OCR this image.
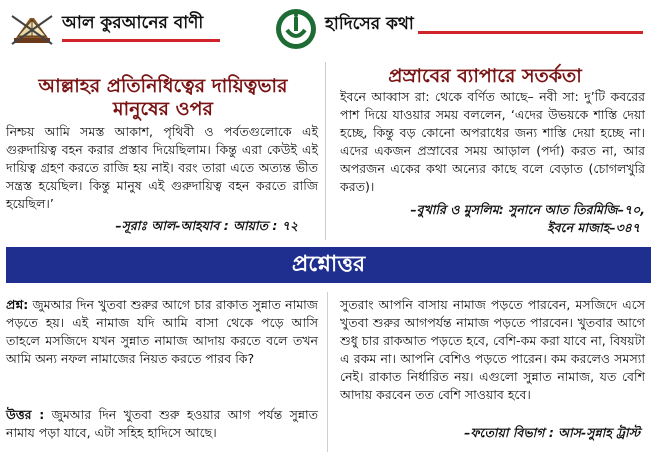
আল কুরআনের বাণী	হাদিসের কথা
আল্লাহর প্রতিনিধিত্বের দায়িত্বভার মানুষের ওপর
নিশ্চয় আমি সমস্ত আকাশ, পৃথিবী ও পর্বতগুলোকে এই গুরুদায়িত্ব বহন করার প্রস্তাব দিয়েছিলাম। কিন্তু এরা কেউই এই দায়িত্ব গ্রহণ করতে রাজি হয় নাই। বরং তারা এতে অত্যন্ত ভীত সন্ত্রস্ত হয়েছিল। কিন্তু মানুষ এই গুরুদায়িত্ব বহন করতে রাজি হয়েছিল।’
–সূরাঃ আল-আহযাব : আয়াত : ৭২
প্রস্রাবের ব্যাপারে সতর্কতা
ইবনে আব্বাস রা: থেকে বর্ণিত আছে– নবী সা: দু’টি কবরের পাশ দিয়ে যাওয়ার সময় বললেন, ‘এদের উভয়কে শাস্তি দেয়া হচ্ছে, কিন্তু বড় কোনো অপরাধের জন্য শাস্তি দেয়া হচ্ছে না। এদের একজন প্রস্রাবের সময় আড়াল (পর্দা) করত না, আর অপরজন একের কথা অন্যের কাছে বলে বেড়াত (চোগলখুরি করত)।
–বুখারি ও মুসলিম: সুনানে আত তিরমিজি–৭০,
ইবনে মাজাহ–৩৪৭
প্রশ্নোত্তর
প্রশ্ন: জুমআর দিন খুতবা শুরুর আগে চার রাকাত সুন্নাত নামাজ পড়তে হয়। এই নামাজ যদি আমি বাসা থেকে পড়ে আসি তাহলে মসজিদে যখন সুন্নাত নামাজ আদায় করতে বলে তখন আমি অন্য নফল নামাজের নিয়ত করতে পারব কি?
উত্তর : জুমআর দিন খুতবা শুরু হওয়ার আগ পর্যন্ত সুন্নাত নামায পড়া যাবে, এটা সহিহ হাদিসে আছে।
সুতরাং আপনি বাসায় নামাজ পড়তে পারবেন, মসজিদে এসে খুতবা শুরুর আগপর্যন্ত নামাজ পড়তে পারবেন। খুতবার আগে শুধু চার রাকআত পড়তে হবে, বেশি-কম করা যাবে না, বিষয়টা এ রকম না। আপনি বেশিও পড়তে পারেন। কম করলেও সমস্যা নেই। রাকাত নির্ধারিত নয়। এগুলো সুন্নাত নামাজ, যত বেশি আদায় করবেন তত বেশি সাওয়াব হবে।
–ফতোয়া বিভাগ : আস-সুন্নাহ ট্রাস্ট
